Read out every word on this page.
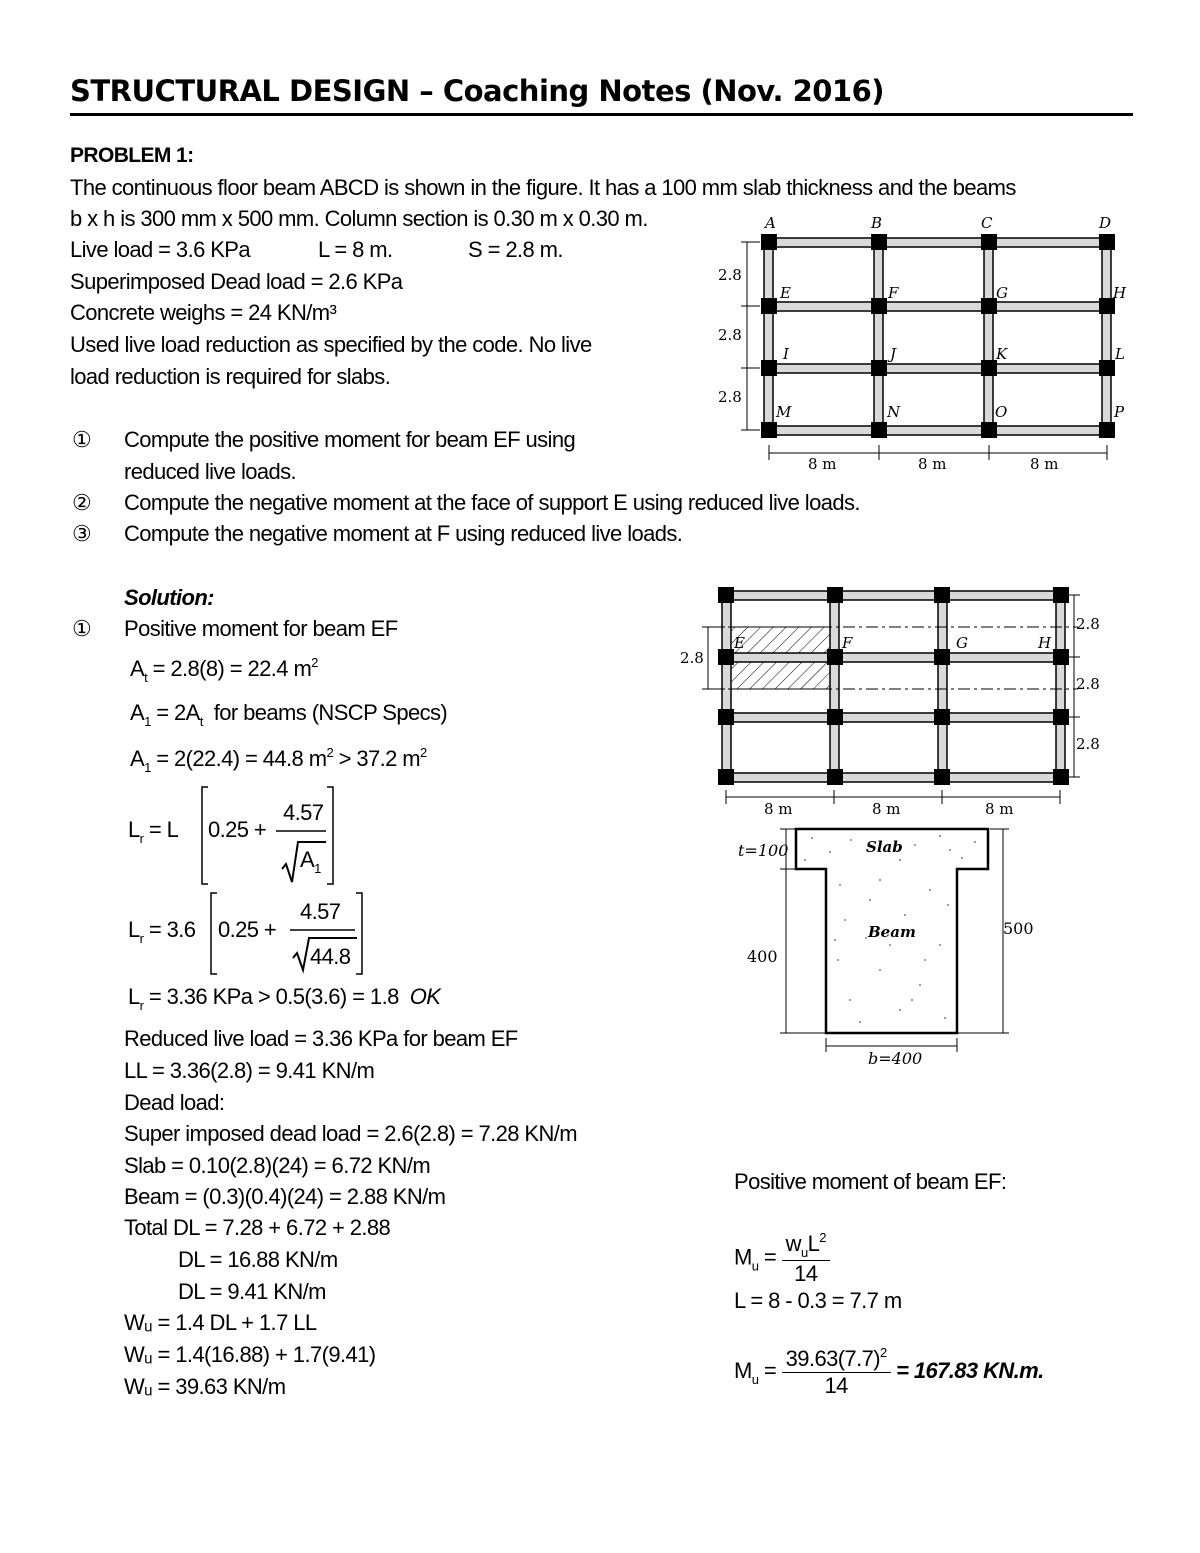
STRUCTURAL DESIGN – Coaching Notes (Nov. 2016)
PROBLEM 1:
The continuous floor beam ABCD is shown in the figure. It has a 100 mm slab thickness and the beams
b x h is 300 mm x 500 mm. Column section is 0.30 m x 0.30 m.
Live load = 3.6 KPa	L = 8 m.	S = 2.8 m.
Superimposed Dead load = 2.6 KPa
Concrete weighs = 24 KN/m³
Used live load reduction as specified by the code. No live
load reduction is required for slabs.
① Compute the positive moment for beam EF using
reduced live loads.
② Compute the negative moment at the face of support E using reduced live loads.
③ Compute the negative moment at F using reduced live loads.
A	B	C	D
E	F	G	H
I	J	K	L
M	N	O	P
2.8
2.8
2.8
8 m	8 m	8 m
Solution:
① Positive moment for beam EF
$A_t = 2.8(8) = 22.4$ $m^2$
$A_1 = 2A_t$ for beams (NSCP Specs)
$A_1 = 2(22.4) = 44.8$ $m^2 > 37.2$ $m^2$
$L_r = L$ 0.25 +
4.57
$A_1$
$L_r = 3.6$ 0.25 +
4.57
44.8
$L_r = 3.36$ KPa > 0.5(3.6) = 1.8 OK
Reduced live load = 3.36 KPa for beam EF
LL = 3.36(2.8) = 9.41 KN/m
Dead load:
Super imposed dead load = 2.6(2.8) = 7.28 KN/m
Slab = 0.10(2.8)(24) = 6.72 KN/m
Beam = (0.3)(0.4)(24) = 2.88 KN/m
Total DL = 7.28 + 6.72 + 2.88
DL = 16.88 KN/m
DL = 9.41 KN/m
Wᵤ = 1.4 DL + 1.7 LL
Wᵤ = 1.4(16.88) + 1.7(9.41)
Wᵤ = 39.63 KN/m
E	F	G	H
2.8
2.8
2.8
2.8
8 m	8 m	8 m
Slab
Beam
t=100
400
500
b=400
Positive moment of beam EF:
$M_u = \frac{w_uL^2}{14}$
L = 8 - 0.3 = 7.7 m
$M_u = \frac{39.63(7.7)^2}{14} = 167.83$ KN.m.
